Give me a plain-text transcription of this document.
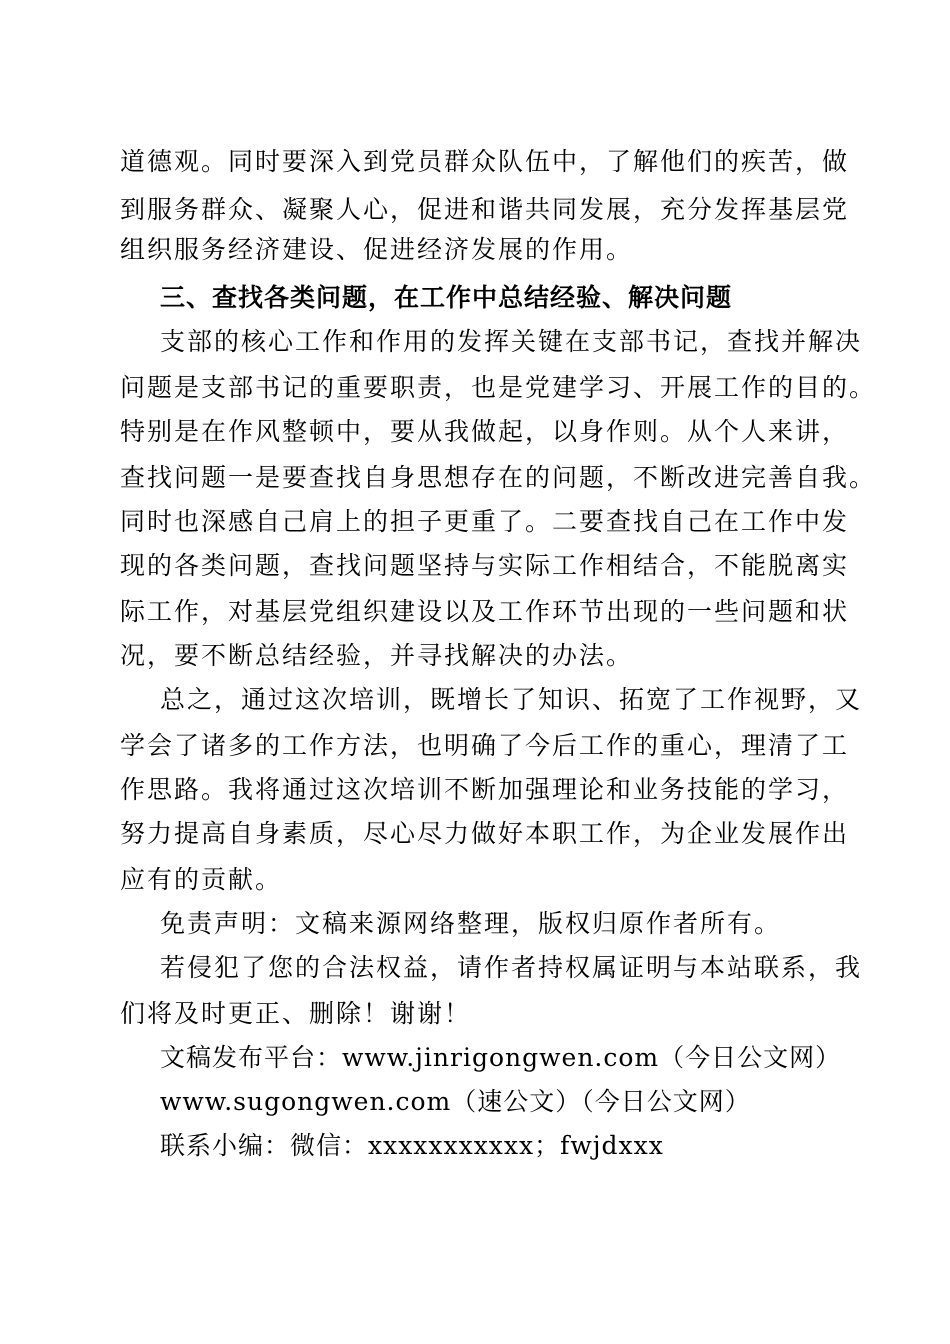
道德观。同时要深入到党员群众队伍中，了解他们的疾苦，做
到服务群众、凝聚人心，促进和谐共同发展，充分发挥基层党
组织服务经济建设、促进经济发展的作用。
三、查找各类问题，在工作中总结经验、解决问题
支部的核心工作和作用的发挥关键在支部书记，查找并解决
问题是支部书记的重要职责，也是党建学习、开展工作的目的。
特别是在作风整顿中，要从我做起，以身作则。从个人来讲，
查找问题一是要查找自身思想存在的问题，不断改进完善自我。
同时也深感自己肩上的担子更重了。二要查找自己在工作中发
现的各类问题，查找问题坚持与实际工作相结合，不能脱离实
际工作，对基层党组织建设以及工作环节出现的一些问题和状
况，要不断总结经验，并寻找解决的办法。
总之，通过这次培训，既增长了知识、拓宽了工作视野，又
学会了诸多的工作方法，也明确了今后工作的重心，理清了工
作思路。我将通过这次培训不断加强理论和业务技能的学习，
努力提高自身素质，尽心尽力做好本职工作，为企业发展作出
应有的贡献。
免责声明：文稿来源网络整理，版权归原作者所有。
若侵犯了您的合法权益，请作者持权属证明与本站联系，我
们将及时更正、删除！谢谢！
文稿发布平台：www.jinrigongwen.com（今日公文网）
www.sugongwen.com（速公文）（今日公文网）
联系小编：微信：xxxxxxxxxxx；fwjdxxx
